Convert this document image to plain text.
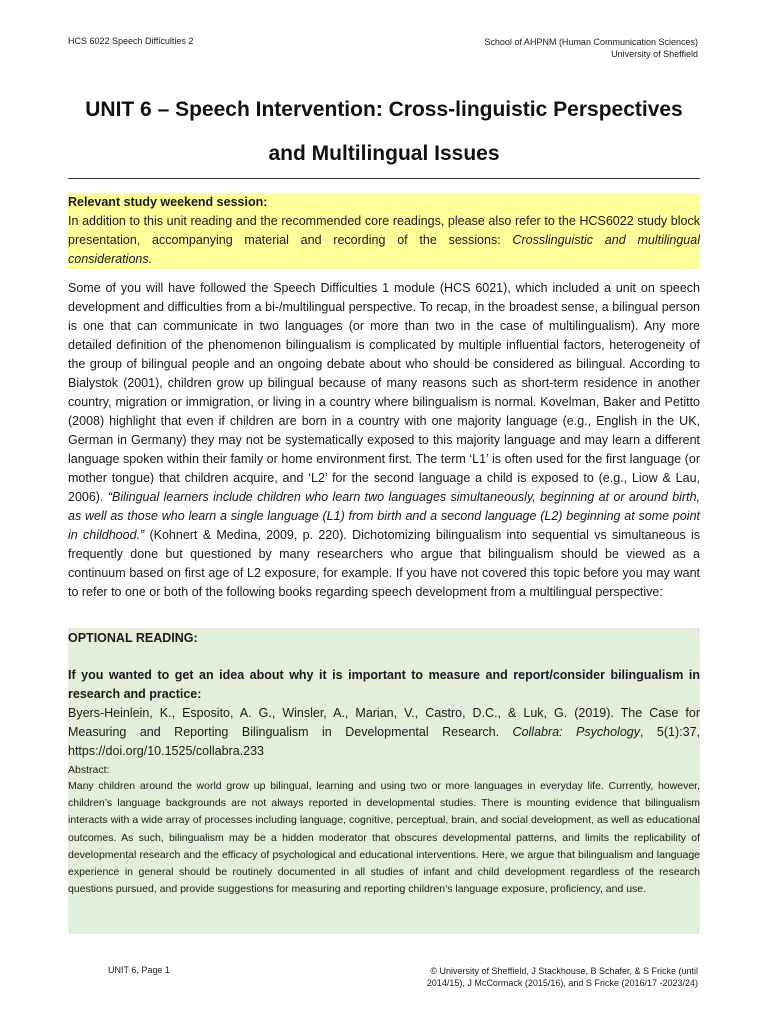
HCS 6022 Speech Difficulties 2	School of AHPNM (Human Communication Sciences)
University of Sheffield
UNIT 6 – Speech Intervention: Cross-linguistic Perspectives
and Multilingual Issues
Relevant study weekend session:
In addition to this unit reading and the recommended core readings, please also refer to the HCS6022 study block presentation, accompanying material and recording of the sessions: Crosslinguistic and multilingual considerations.
Some of you will have followed the Speech Difficulties 1 module (HCS 6021), which included a unit on speech development and difficulties from a bi-/multilingual perspective. To recap, in the broadest sense, a bilingual person is one that can communicate in two languages (or more than two in the case of multilingualism). Any more detailed definition of the phenomenon bilingualism is complicated by multiple influential factors, heterogeneity of the group of bilingual people and an ongoing debate about who should be considered as bilingual. According to Bialystok (2001), children grow up bilingual because of many reasons such as short-term residence in another country, migration or immigration, or living in a country where bilingualism is normal. Kovelman, Baker and Petitto (2008) highlight that even if children are born in a country with one majority language (e.g., English in the UK, German in Germany) they may not be systematically exposed to this majority language and may learn a different language spoken within their family or home environment first. The term ‘L1’ is often used for the first language (or mother tongue) that children acquire, and ‘L2’ for the second language a child is exposed to (e.g., Liow & Lau, 2006). “Bilingual learners include children who learn two languages simultaneously, beginning at or around birth, as well as those who learn a single language (L1) from birth and a second language (L2) beginning at some point in childhood.” (Kohnert & Medina, 2009, p. 220). Dichotomizing bilingualism into sequential vs simultaneous is frequently done but questioned by many researchers who argue that bilingualism should be viewed as a continuum based on first age of L2 exposure, for example. If you have not covered this topic before you may want to refer to one or both of the following books regarding speech development from a multilingual perspective:
OPTIONAL READING:
If you wanted to get an idea about why it is important to measure and report/consider bilingualism in research and practice:
Byers-Heinlein, K., Esposito, A. G., Winsler, A., Marian, V., Castro, D.C., & Luk, G. (2019). The Case for Measuring and Reporting Bilingualism in Developmental Research. Collabra: Psychology, 5(1):37, https://doi.org/10.1525/collabra.233
Abstract:
Many children around the world grow up bilingual, learning and using two or more languages in everyday life. Currently, however, children’s language backgrounds are not always reported in developmental studies. There is mounting evidence that bilingualism interacts with a wide array of processes including language, cognitive, perceptual, brain, and social development, as well as educational outcomes. As such, bilingualism may be a hidden moderator that obscures developmental patterns, and limits the replicability of developmental research and the efficacy of psychological and educational interventions. Here, we argue that bilingualism and language experience in general should be routinely documented in all studies of infant and child development regardless of the research questions pursued, and provide suggestions for measuring and reporting children’s language exposure, proficiency, and use.
UNIT 6, Page 1	© University of Sheffield, J Stackhouse, B Schafer, & S Fricke (until
2014/15), J McCormack (2015/16), and S Fricke (2016/17 -2023/24)
